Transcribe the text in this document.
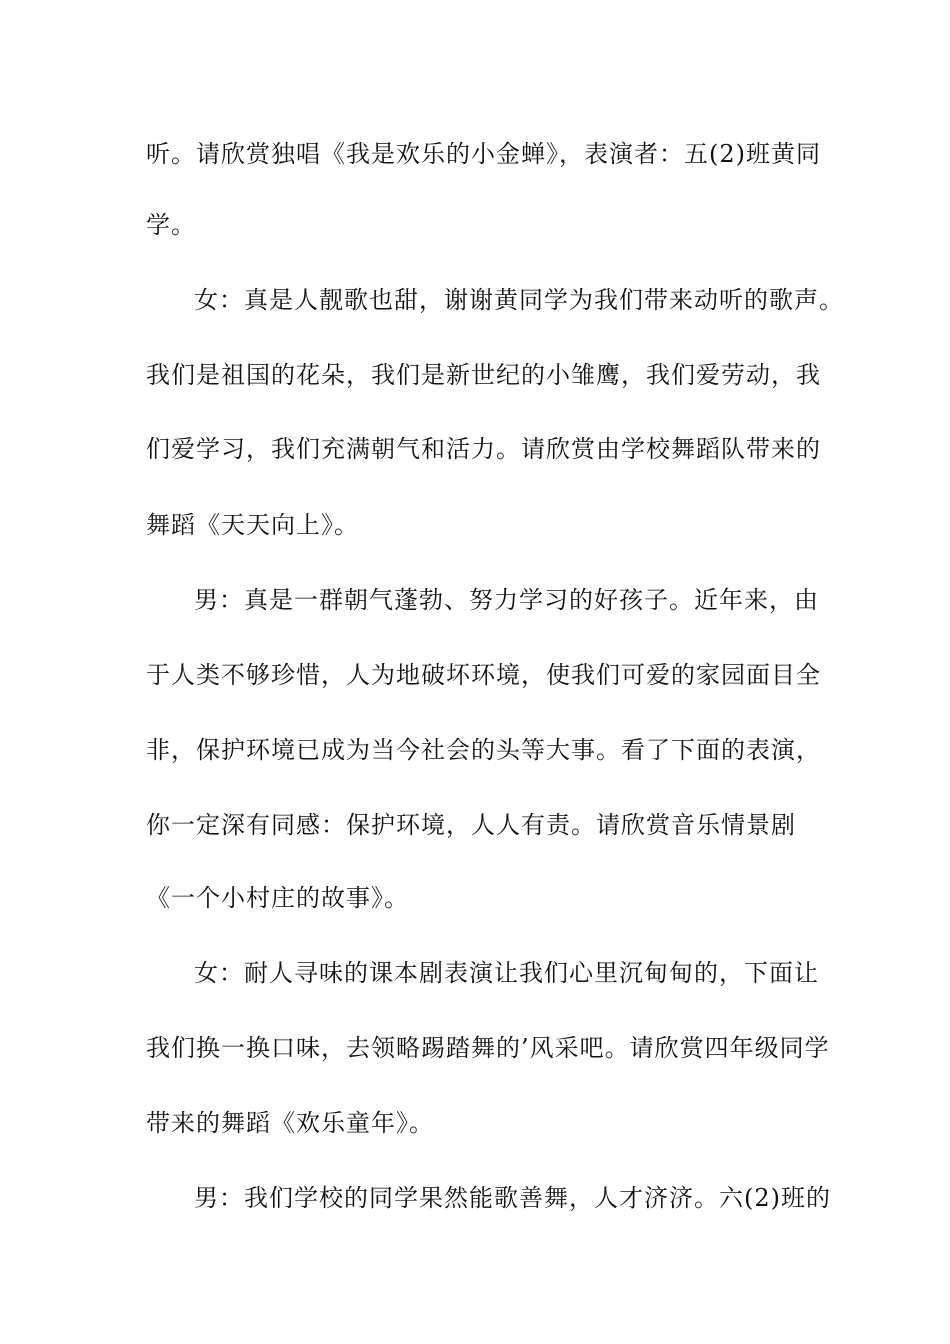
听。请欣赏独唱《我是欢乐的小金蝉》，表演者：五(2)班黄同
学。
女：真是人靓歌也甜，谢谢黄同学为我们带来动听的歌声。
我们是祖国的花朵，我们是新世纪的小雏鹰，我们爱劳动，我
们爱学习，我们充满朝气和活力。请欣赏由学校舞蹈队带来的
舞蹈《天天向上》。
男：真是一群朝气蓬勃、努力学习的好孩子。近年来，由
于人类不够珍惜，人为地破坏环境，使我们可爱的家园面目全
非，保护环境已成为当今社会的头等大事。看了下面的表演，
你一定深有同感：保护环境，人人有责。请欣赏音乐情景剧
《一个小村庄的故事》。
女：耐人寻味的课本剧表演让我们心里沉甸甸的，下面让
我们换一换口味，去领略踢踏舞的’风采吧。请欣赏四年级同学
带来的舞蹈《欢乐童年》。
男：我们学校的同学果然能歌善舞，人才济济。六(2)班的
